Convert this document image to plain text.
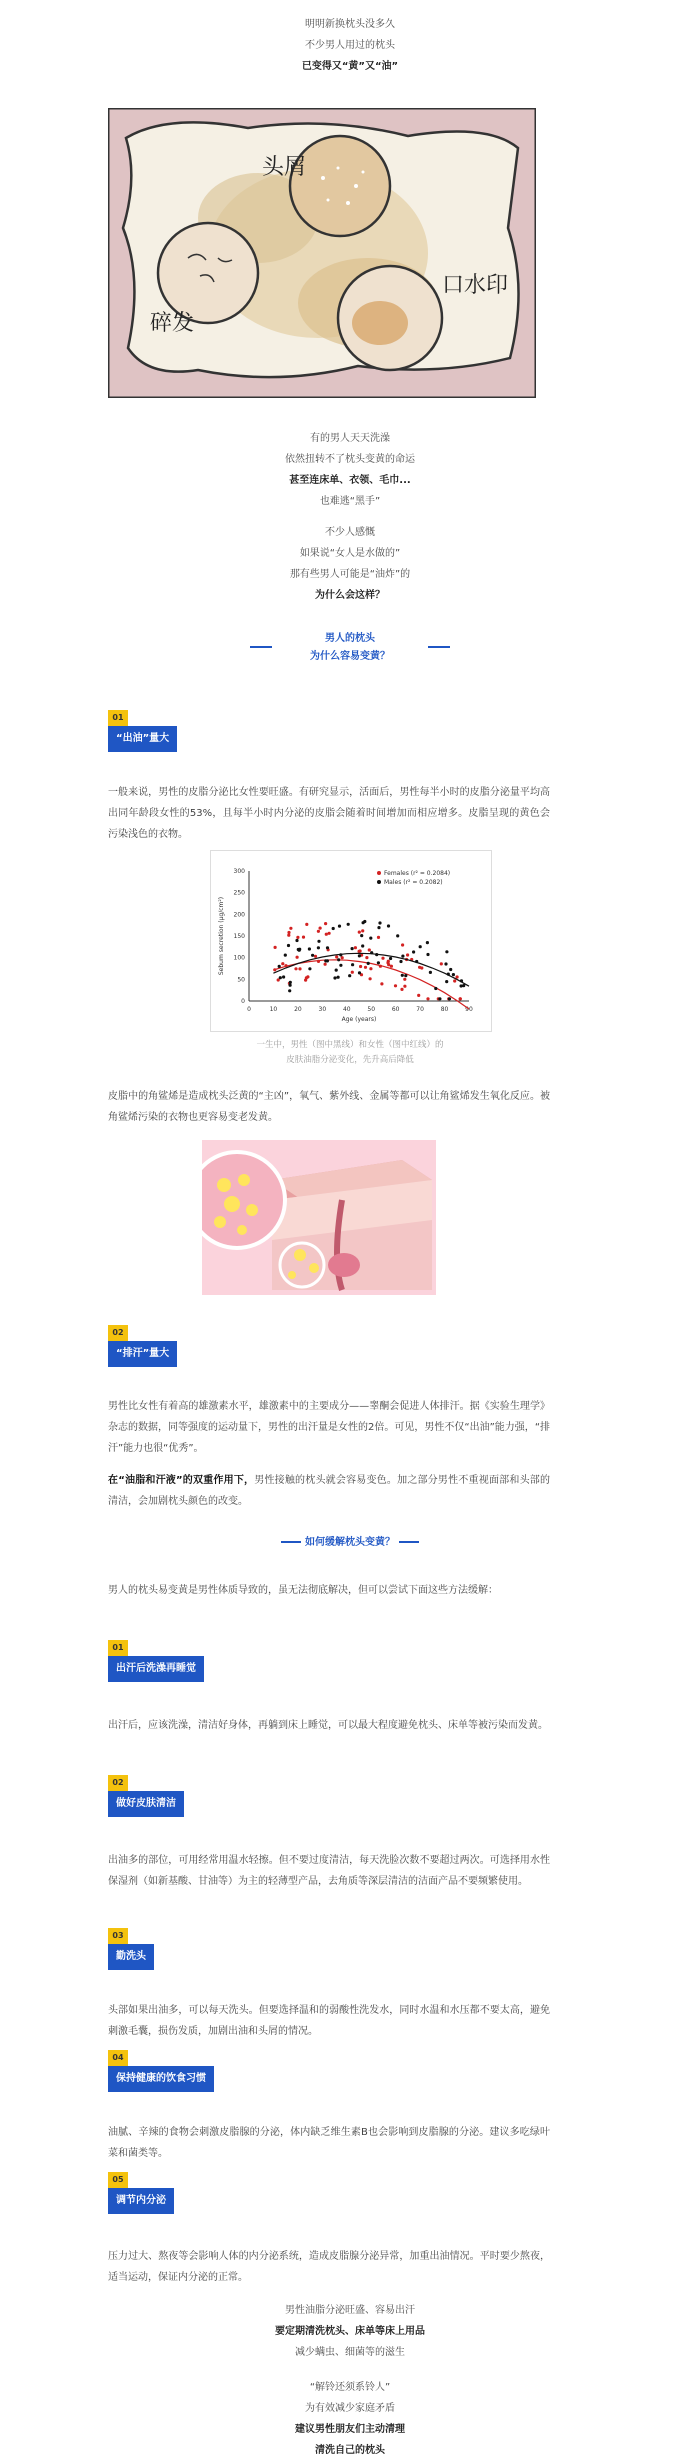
明明新换枕头没多久
不少男人用过的枕头
已变得又“黄”又“油”
头屑
碎发
口水印
有的男人天天洗澡
依然扭转不了枕头变黄的命运
甚至连床单、衣领、毛巾...
也难逃“黑手”
不少人感慨
如果说“女人是水做的”
那有些男人可能是“油炸”的
为什么会这样？
男人的枕头
为什么容易变黄？
01
“出油”量大
一般来说，男性的皮脂分泌比女性要旺盛。有研究显示，活面后，男性每半小时的皮脂分泌量平均高出同年龄段女性的53%，且每半小时内分泌的皮脂会随着时间增加而相应增多。皮脂呈现的黄色会污染浅色的衣物。
0	10	20	30	40	50	60	70	80	90
0
50
100
150
200
250
300
Age (years)
Sebum secretion (µg/cm²)
Females (r² = 0.2084)
Males (r² = 0.2082)
一生中，男性（图中黑线）和女性（图中红线）的
皮肤油脂分泌变化，先升高后降低
皮脂中的角鲨烯是造成枕头泛黄的“主凶”，氧气、紫外线、金属等都可以让角鲨烯发生氧化反应。被角鲨烯污染的衣物也更容易变老发黄。
02
“排汗”量大
男性比女性有着高的雄激素水平，雄激素中的主要成分——睾酮会促进人体排汗。据《实验生理学》杂志的数据，同等强度的运动量下，男性的出汗量是女性的2倍。可见，男性不仅“出油”能力强，“排汗”能力也很“优秀”。
在“油脂和汗液”的双重作用下，男性接触的枕头就会容易变色。加之部分男性不重视面部和头部的清洁，会加剧枕头颜色的改变。
如何缓解枕头变黄？
男人的枕头易变黄是男性体质导致的，虽无法彻底解决，但可以尝试下面这些方法缓解：
01
出汗后洗澡再睡觉
出汗后，应该洗澡，清洁好身体，再躺到床上睡觉，可以最大程度避免枕头、床单等被污染而发黄。
02
做好皮肤清洁
出油多的部位，可用经常用温水轻擦。但不要过度清洁，每天洗脸次数不要超过两次。可选择用水性保湿剂（如新基酸、甘油等）为主的轻薄型产品，去角质等深层清洁的洁面产品不要频繁使用。
03
勤洗头
头部如果出油多，可以每天洗头。但要选择温和的弱酸性洗发水，同时水温和水压都不要太高，避免刺激毛囊，损伤发质，加剧出油和头屑的情况。
04
保持健康的饮食习惯
油腻、辛辣的食物会刺激皮脂腺的分泌，体内缺乏维生素B也会影响到皮脂腺的分泌。建议多吃绿叶菜和菌类等。
05
调节内分泌
压力过大、熬夜等会影响人体的内分泌系统，造成皮脂腺分泌异常，加重出油情况。平时要少熬夜，适当运动，保证内分泌的正常。
男性油脂分泌旺盛、容易出汗
要定期清洗枕头、床单等床上用品
减少螨虫、细菌等的滋生
“解铃还须系铃人”
为有效减少家庭矛盾
建议男性朋友们主动清理
清洗自己的枕头
